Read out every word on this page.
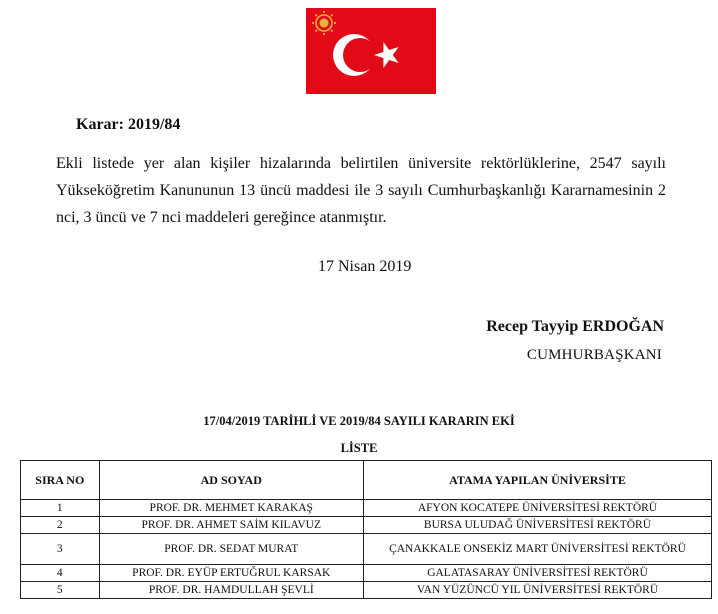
Karar: 2019/84

Ekli listede yer alan kişiler hizalarında belirtilen üniversite rektörlüklerine, 2547 sayılı Yükseköğretim Kanununun 13 üncü maddesi ile 3 sayılı Cumhurbaşkanlığı Kararnamesinin 2 nci, 3 üncü ve 7 nci maddeleri gereğince atanmıştır.

17 Nisan 2019
Recep Tayyip ERDOĞAN
CUMHURBAŞKANI
17/04/2019 TARİHLİ VE 2019/84 SAYILI KARARIN EKİ
LİSTE
SIRA NO	AD SOYAD	ATAMA YAPILAN ÜNİVERSİTE
1	PROF. DR. MEHMET KARAKAŞ	AFYON KOCATEPE ÜNİVERSİTESİ REKTÖRÜ
2	PROF. DR. AHMET SAİM KILAVUZ	BURSA ULUDAĞ ÜNİVERSİTESİ REKTÖRÜ
3	PROF. DR. SEDAT MURAT	ÇANAKKALE ONSEKİZ MART ÜNİVERSİTESİ REKTÖRÜ
4	PROF. DR. EYÜP ERTUĞRUL KARSAK	GALATASARAY ÜNİVERSİTESİ REKTÖRÜ
5	PROF. DR. HAMDULLAH ŞEVLİ	VAN YÜZÜNCÜ YIL ÜNİVERSİTESİ REKTÖRÜ
